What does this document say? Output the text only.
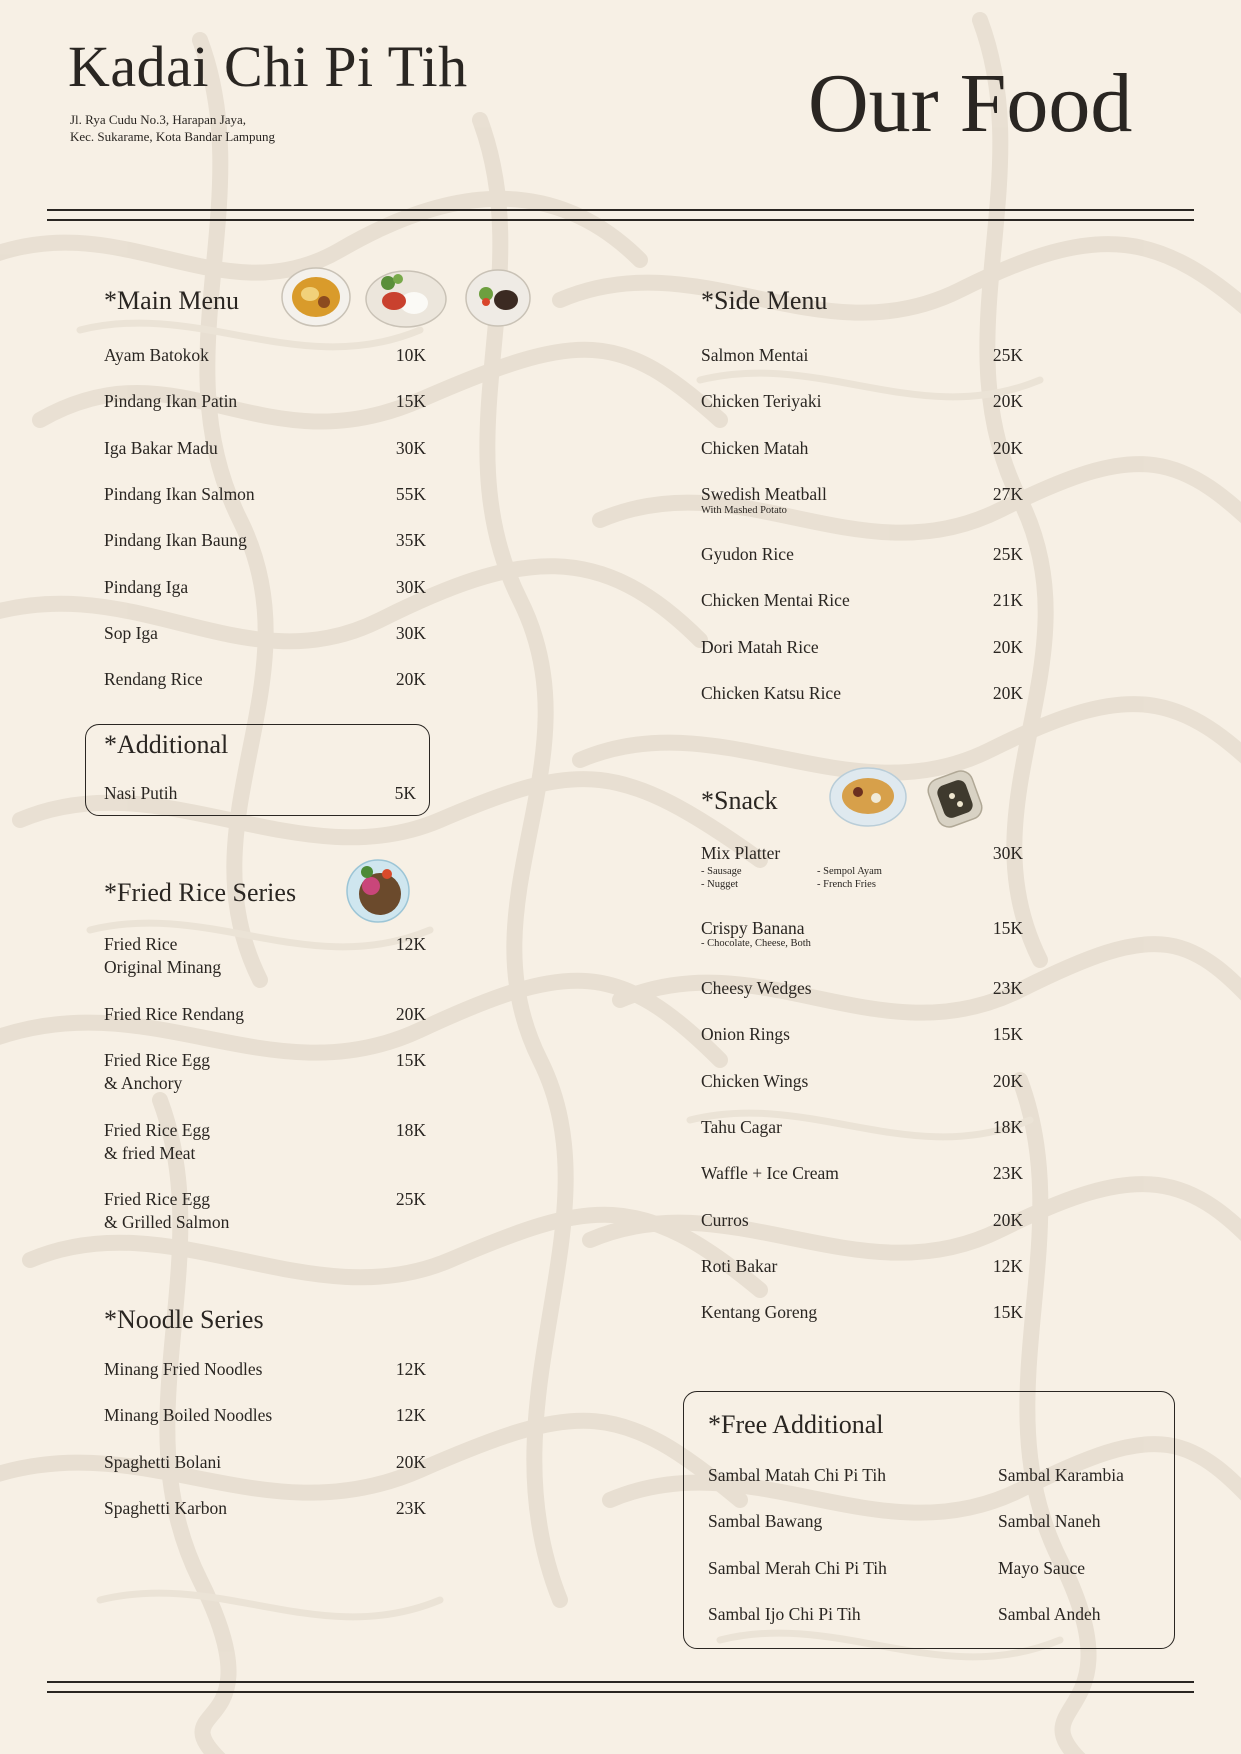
Kadai Chi Pi Tih
Jl. Rya Cudu No.3, Harapan Jaya,
Kec. Sukarame, Kota Bandar Lampung	Our Food
*Main Menu
Ayam Batokok	10K
Pindang Ikan Patin	15K
Iga Bakar Madu	30K
Pindang Ikan Salmon	55K
Pindang Ikan Baung	35K
Pindang Iga	30K
Sop Iga	30K
Rendang Rice	20K
*Additional
Nasi Putih	5K
*Fried Rice Series
Fried Rice
Original Minang
12K
Fried Rice Rendang	20K
Fried Rice Egg
& Anchory
15K
Fried Rice Egg
& fried Meat
18K
Fried Rice Egg
& Grilled Salmon
25K
*Noodle Series
Minang Fried Noodles	12K
Minang Boiled Noodles	12K
Spaghetti Bolani	20K
Spaghetti Karbon	23K
*Side Menu
Salmon Mentai	25K
Chicken Teriyaki	20K
Chicken Matah	20K
Swedish Meatball	27K
With Mashed Potato
Gyudon Rice	25K
Chicken Mentai Rice	21K
Dori Matah Rice	20K
Chicken Katsu Rice	20K
*Snack
Mix Platter	30K
- Sausage
- Nugget
- Sempol Ayam
- French Fries
Crispy Banana	15K
- Chocolate, Cheese, Both
Cheesy Wedges	23K
Onion Rings	15K
Chicken Wings	20K
Tahu Cagar	18K
Waffle + Ice Cream	23K
Curros	20K
Roti Bakar	12K
Kentang Goreng	15K
*Free Additional
Sambal Matah Chi Pi Tih
Sambal Bawang
Sambal Merah Chi Pi Tih
Sambal Ijo Chi Pi Tih
Sambal Karambia
Sambal Naneh
Mayo Sauce
Sambal Andeh
